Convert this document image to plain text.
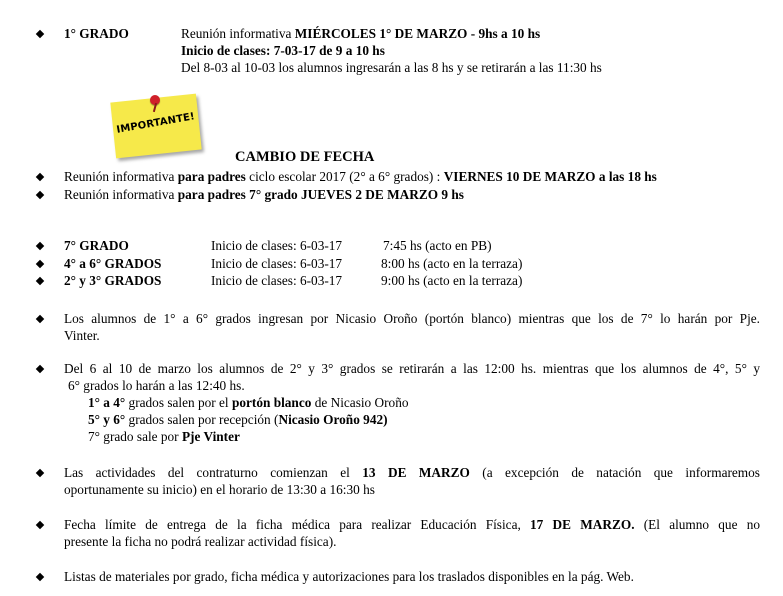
1° GRADO	Reunión informativa MIÉRCOLES 1° DE MARZO - 9hs a 10 hs
Inicio de clases: 7-03-17 de 9 a 10 hs
Del 8-03 al 10-03 los alumnos ingresarán a las 8 hs y se retirarán a las 11:30 hs
IMPORTANTE!
CAMBIO DE FECHA
Reunión informativa para padres ciclo escolar 2017 (2° a 6° grados) : VIERNES 10 DE MARZO a las 18 hs
Reunión informativa para padres 7° grado JUEVES 2 DE MARZO 9 hs
7° GRADO	Inicio de clases: 6-03-17	7:45 hs (acto en PB)
4° a 6° GRADOS	Inicio de clases: 6-03-17	8:00 hs (acto en la terraza)
2° y 3° GRADOS	Inicio de clases: 6-03-17	9:00 hs (acto en la terraza)
Los alumnos de 1° a 6° grados ingresan por Nicasio Oroño (portón blanco) mientras que los de 7° lo harán por Pje.
Vinter.
Del 6 al 10 de marzo los alumnos de 2° y 3° grados se retirarán a las 12:00 hs. mientras que los alumnos de 4°, 5° y
6° grados lo harán a las 12:40 hs.
1° a 4° grados salen por el portón blanco de Nicasio Oroño
5° y 6° grados salen por recepción (Nicasio Oroño 942)
7° grado sale por Pje Vinter
Las actividades del contraturno comienzan el 13 DE MARZO (a excepción de natación que informaremos
oportunamente su inicio) en el horario de 13:30 a 16:30 hs
Fecha límite de entrega de la ficha médica para realizar Educación Física, 17 DE MARZO. (El alumno que no
presente la ficha no podrá realizar actividad física).
Listas de materiales por grado, ficha médica y autorizaciones para los traslados disponibles en la pág. Web.
